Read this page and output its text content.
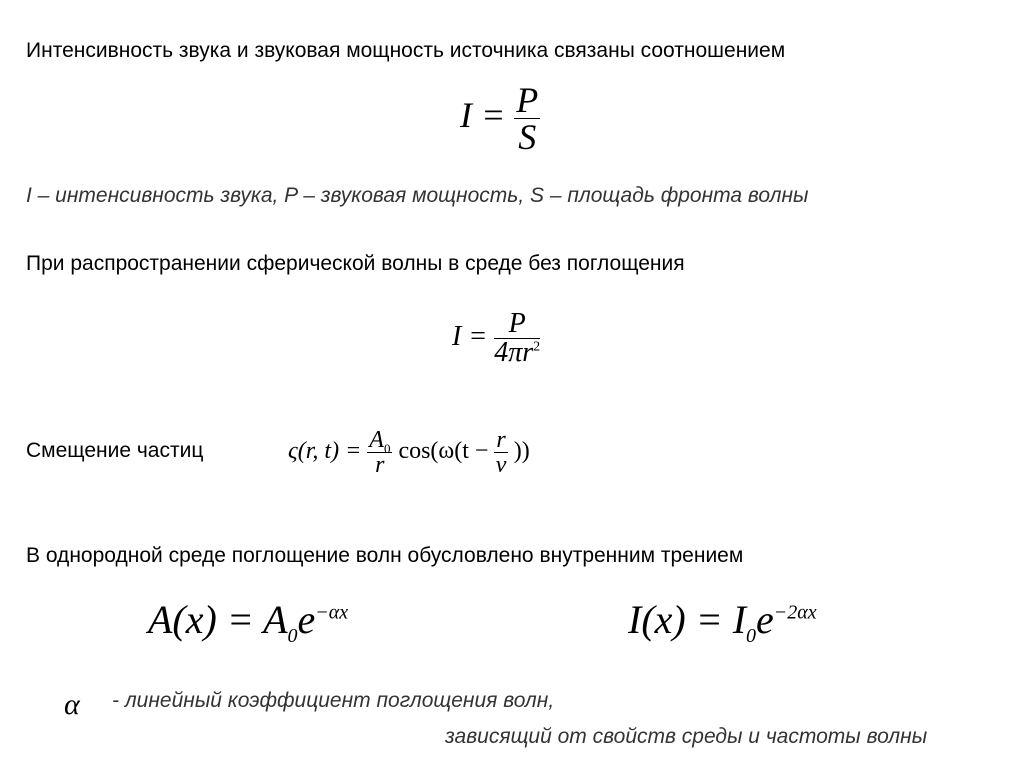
Интенсивность звука и звуковая мощность источника связаны соотношением
$I = \frac{P}{S}$
I – интенсивность звука, P – звуковая мощность, S – площадь фронта волны
При распространении сферической волны в среде без поглощения
$I = \frac{P}{4\pi r^2}$
Смещение частиц	ς(r, $t) = \frac{A_0}{r} \cos(\omega(t - \frac{r}{v}$ ))
В однородной среде поглощение волн обусловлено внутренним трением
$A(x) = A_0e^{-\alpha x}$	$I(x) = I_0e^{-2\alpha x}$
α - линейный коэффициент поглощения волн,
зависящий от свойств среды и частоты волны
